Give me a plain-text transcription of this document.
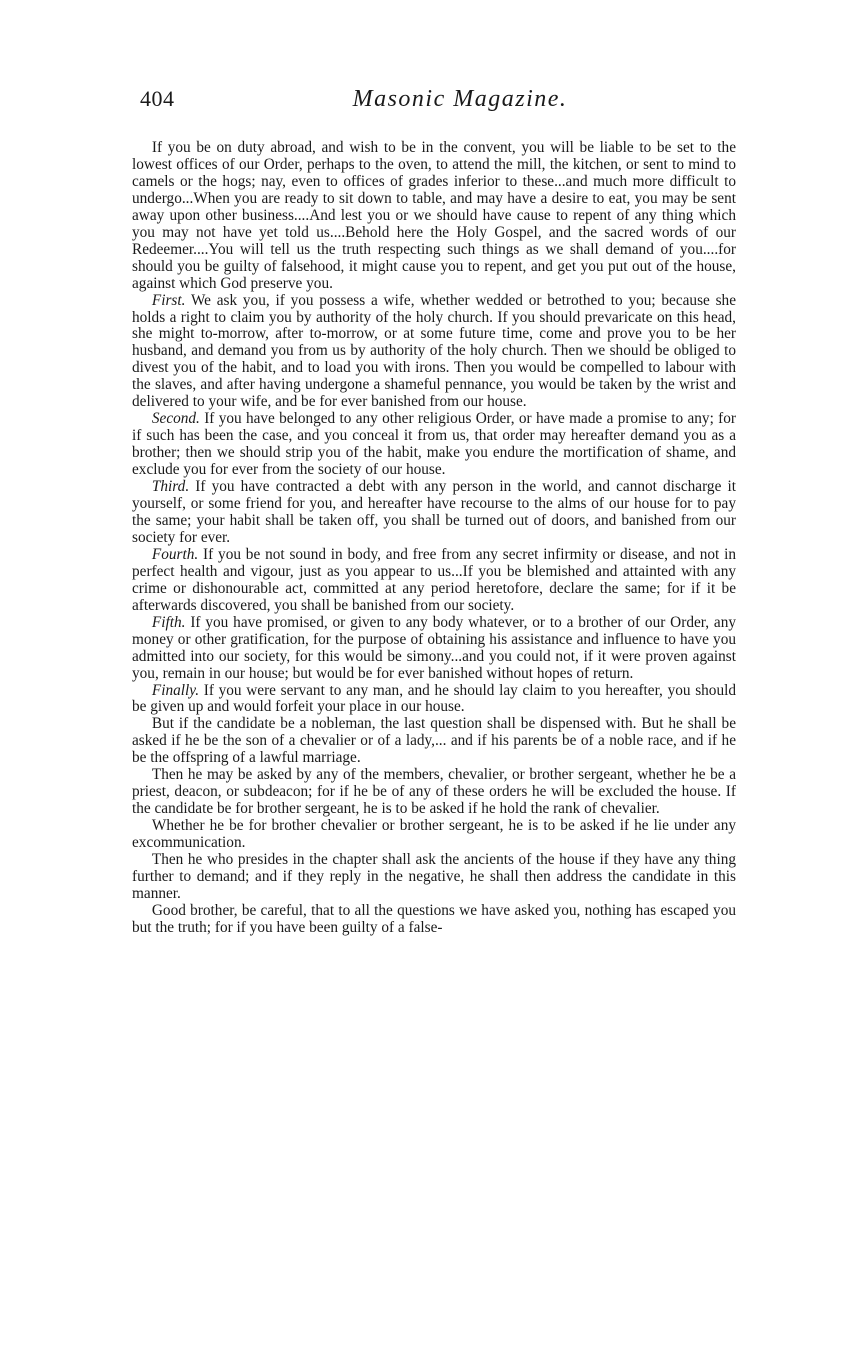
404	Masonic Magazine.

If you be on duty abroad, and wish to be in the convent, you will be liable to be set to the lowest offices of our Order, perhaps to the oven, to attend the mill, the kitchen, or sent to mind to camels or the hogs; nay, even to offices of grades inferior to these...and much more difficult to undergo...When you are ready to sit down to table, and may have a desire to eat, you may be sent away upon other business....And lest you or we should have cause to repent of any thing which you may not have yet told us....Behold here the Holy Gospel, and the sacred words of our Redeemer....You will tell us the truth respecting such things as we shall demand of you....for should you be guilty of falsehood, it might cause you to repent, and get you put out of the house, against which God preserve you.

First. We ask you, if you possess a wife, whether wedded or betrothed to you; because she holds a right to claim you by authority of the holy church. If you should prevaricate on this head, she might to-morrow, after to-morrow, or at some future time, come and prove you to be her husband, and demand you from us by authority of the holy church. Then we should be obliged to divest you of the habit, and to load you with irons. Then you would be compelled to labour with the slaves, and after having undergone a shameful pennance, you would be taken by the wrist and delivered to your wife, and be for ever banished from our house.

Second. If you have belonged to any other religious Order, or have made a promise to any; for if such has been the case, and you conceal it from us, that order may hereafter demand you as a brother; then we should strip you of the habit, make you endure the mortification of shame, and exclude you for ever from the society of our house.

Third. If you have contracted a debt with any person in the world, and cannot discharge it yourself, or some friend for you, and hereafter have recourse to the alms of our house for to pay the same; your habit shall be taken off, you shall be turned out of doors, and banished from our society for ever.

Fourth. If you be not sound in body, and free from any secret infirmity or disease, and not in perfect health and vigour, just as you appear to us...If you be blemished and attainted with any crime or dishonourable act, committed at any period heretofore, declare the same; for if it be afterwards discovered, you shall be banished from our society.

Fifth. If you have promised, or given to any body whatever, or to a brother of our Order, any money or other gratification, for the purpose of obtaining his assistance and influence to have you admitted into our society, for this would be simony...and you could not, if it were proven against you, remain in our house; but would be for ever banished without hopes of return.

Finally. If you were servant to any man, and he should lay claim to you hereafter, you should be given up and would forfeit your place in our house.

But if the candidate be a nobleman, the last question shall be dispensed with. But he shall be asked if he be the son of a chevalier or of a lady,... and if his parents be of a noble race, and if he be the offspring of a lawful marriage.

Then he may be asked by any of the members, chevalier, or brother sergeant, whether he be a priest, deacon, or subdeacon; for if he be of any of these orders he will be excluded the house. If the candidate be for brother sergeant, he is to be asked if he hold the rank of chevalier.

Whether he be for brother chevalier or brother sergeant, he is to be asked if he lie under any excommunication.

Then he who presides in the chapter shall ask the ancients of the house if they have any thing further to demand; and if they reply in the negative, he shall then address the candidate in this manner.

Good brother, be careful, that to all the questions we have asked you, nothing has escaped you but the truth; for if you have been guilty of a false-
